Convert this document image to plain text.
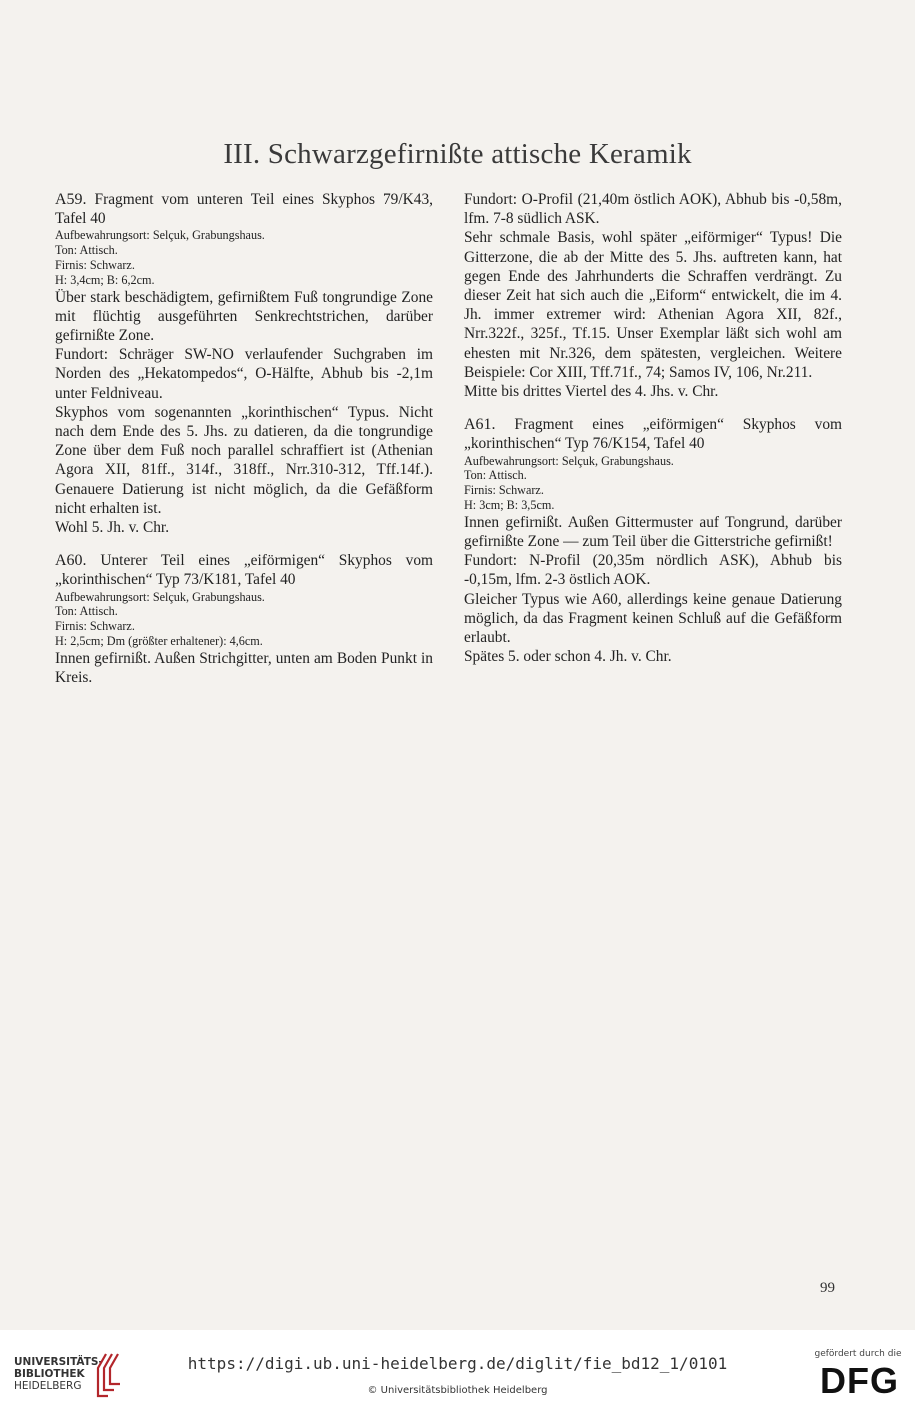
III. Schwarzgefirnißte attische Keramik

A59. Fragment vom unteren Teil eines Skyphos 79/K43, Tafel 40

Aufbewahrungsort: Selçuk, Grabungshaus.
Ton: Attisch.
Firnis: Schwarz.
H: 3,4cm; B: 6,2cm.

Über stark beschädigtem, gefirnißtem Fuß tongrundige Zone mit flüchtig ausgeführten Senkrechtstrichen, darüber gefirnißte Zone.

Fundort: Schräger SW-NO verlaufender Suchgraben im Norden des „Hekatompedos“, O-Hälfte, Abhub bis -2,1m unter Feldniveau.

Skyphos vom sogenannten „korinthischen“ Typus. Nicht nach dem Ende des 5. Jhs. zu datieren, da die tongrundige Zone über dem Fuß noch parallel schraffiert ist (Athenian Agora XII, 81ff., 314f., 318ff., Nrr.310-312, Tff.14f.). Genauere Datierung ist nicht möglich, da die Gefäßform nicht erhalten ist.

Wohl 5. Jh. v. Chr.

A60. Unterer Teil eines „eiförmigen“ Skyphos vom „korinthischen“ Typ 73/K181, Tafel 40

Aufbewahrungsort: Selçuk, Grabungshaus.
Ton: Attisch.
Firnis: Schwarz.
H: 2,5cm; Dm (größter erhaltener): 4,6cm.

Innen gefirnißt. Außen Strichgitter, unten am Boden Punkt in Kreis.

Fundort: O-Profil (21,40m östlich AOK), Abhub bis -0,58m, lfm. 7-8 südlich ASK.

Sehr schmale Basis, wohl später „eiförmiger“ Typus! Die Gitterzone, die ab der Mitte des 5. Jhs. auftreten kann, hat gegen Ende des Jahrhunderts die Schraffen verdrängt. Zu dieser Zeit hat sich auch die „Eiform“ entwickelt, die im 4. Jh. immer extremer wird: Athenian Agora XII, 82f., Nrr.322f., 325f., Tf.15. Unser Exemplar läßt sich wohl am ehesten mit Nr.326, dem spätesten, vergleichen. Weitere Beispiele: Cor XIII, Tff.71f., 74; Samos IV, 106, Nr.211.

Mitte bis drittes Viertel des 4. Jhs. v. Chr.

A61. Fragment eines „eiförmigen“ Skyphos vom „korinthischen“ Typ 76/K154, Tafel 40

Aufbewahrungsort: Selçuk, Grabungshaus.
Ton: Attisch.
Firnis: Schwarz.
H: 3cm; B: 3,5cm.

Innen gefirnißt. Außen Gittermuster auf Tongrund, darüber gefirnißte Zone — zum Teil über die Gitterstriche gefirnißt!

Fundort: N-Profil (20,35m nördlich ASK), Abhub bis -0,15m, lfm. 2-3 östlich AOK.

Gleicher Typus wie A60, allerdings keine genaue Datierung möglich, da das Fragment keinen Schluß auf die Gefäßform erlaubt.

Spätes 5. oder schon 4. Jh. v. Chr.

99
UNIVERSITÄTS-
BIBLIOTHEK
HEIDELBERG
https://digi.ub.uni-heidelberg.de/diglit/fie_bd12_1/0101
© Universitätsbibliothek Heidelberg
gefördert durch die
DFG
